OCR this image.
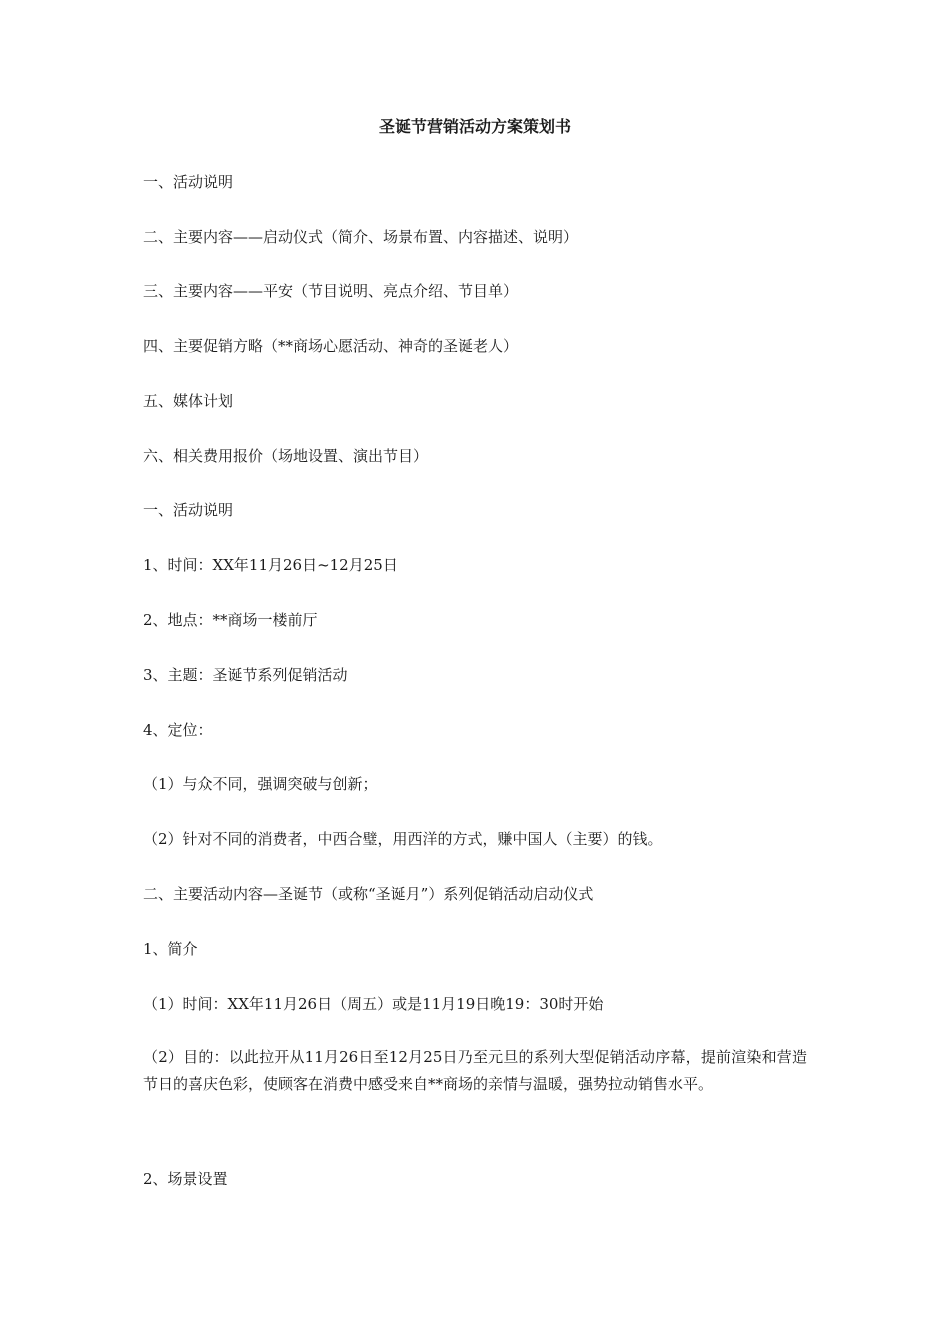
圣诞节营销活动方案策划书
一、活动说明
二、主要内容——启动仪式（简介、场景布置、内容描述、说明）
三、主要内容——平安（节目说明、亮点介绍、节目单）
四、主要促销方略（**商场心愿活动、神奇的圣诞老人）
五、媒体计划
六、相关费用报价（场地设置、演出节目）
一、活动说明
1、时间：XX年11月26日~12月25日
2、地点：**商场一楼前厅
3、主题：圣诞节系列促销活动
4、定位：
（1）与众不同，强调突破与创新；
（2）针对不同的消费者，中西合璧，用西洋的方式，赚中国人（主要）的钱。
二、主要活动内容—圣诞节（或称“圣诞月”）系列促销活动启动仪式
1、简介
（1）时间：XX年11月26日（周五）或是11月19日晚19：30时开始
（2）目的：以此拉开从11月26日至12月25日乃至元旦的系列大型促销活动序幕，提前渲染和营造节日的喜庆色彩，使顾客在消费中感受来自**商场的亲情与温暖，强势拉动销售水平。
2、场景设置
